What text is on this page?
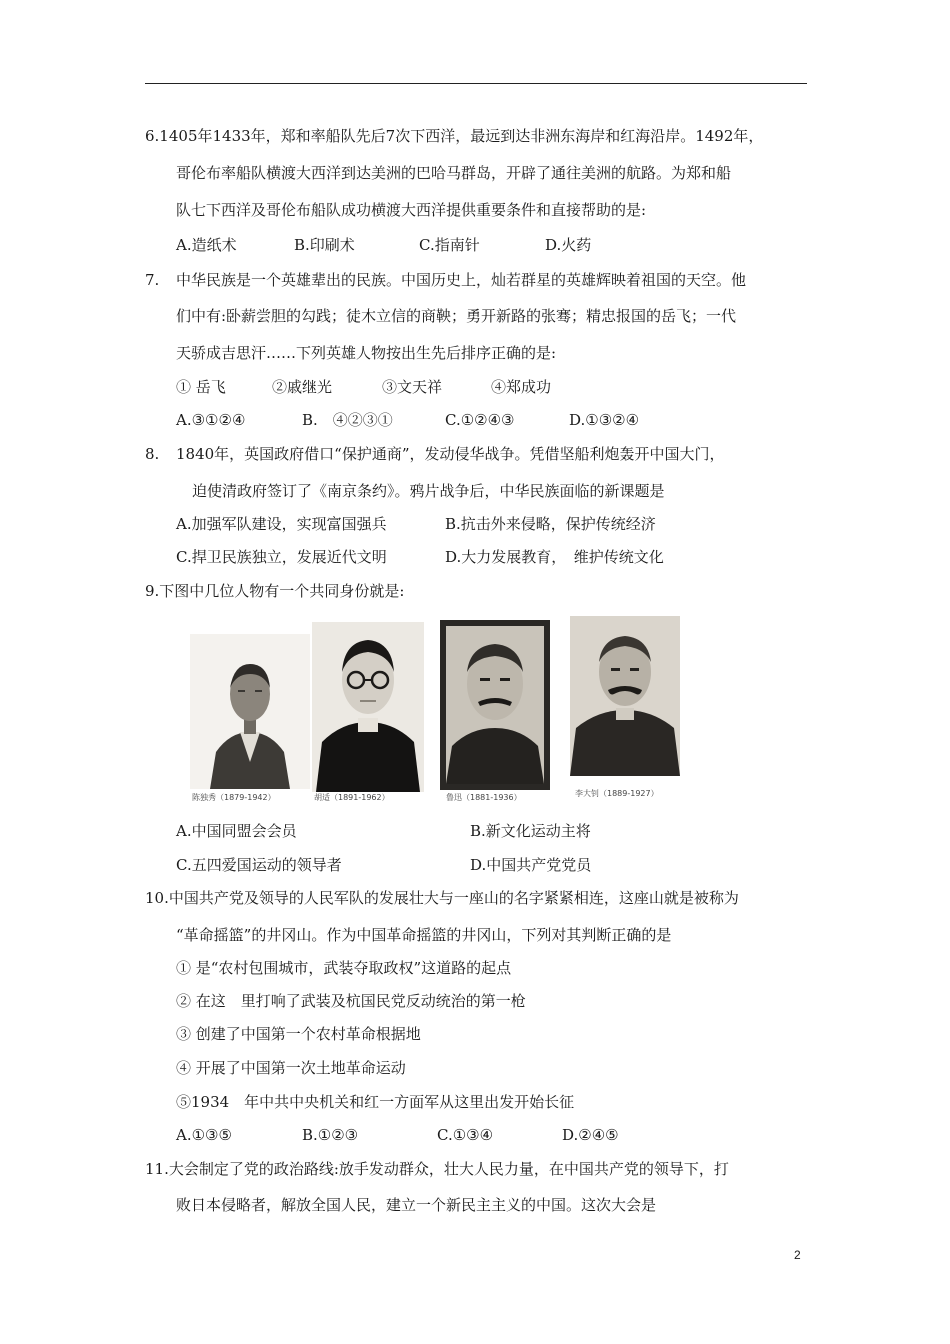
6.1405年1433年，郑和率船队先后7次下西洋，最远到达非洲东海岸和红海沿岸。1492年，
哥伦布率船队横渡大西洋到达美洲的巴哈马群岛，开辟了通往美洲的航路。为郑和船
队七下西洋及哥伦布船队成功横渡大西洋提供重要条件和直接帮助的是:
A.造纸术	B.印刷术	C.指南针	D.火药
7. 中华民族是一个英雄辈出的民族。中国历史上，灿若群星的英雄辉映着祖国的天空。他
们中有:卧薪尝胆的勾践；徒木立信的商鞅；勇开新路的张骞；精忠报国的岳飞；一代
天骄成吉思汗……下列英雄人物按出生先后排序正确的是:
① 岳飞	②戚继光	③文天祥	④郑成功
A.③①②④	B.　④②③①	C.①②④③	D.①③②④
8. 1840年，英国政府借口“保护通商”，发动侵华战争。凭借坚船利炮轰开中国大门，
迫使清政府签订了《南京条约》。鸦片战争后，中华民族面临的新课题是
A.加强军队建设，实现富国强兵	B.抗击外来侵略，保护传统经济
C.捍卫民族独立，发展近代文明	D.大力发展教育，　维护传统文化
9.下图中几位人物有一个共同身份就是:
陈独秀（1879-1942）	胡适（1891-1962）	鲁迅（1881-1936）	李大钊（1889-1927）
A.中国同盟会会员	B.新文化运动主将
C.五四爱国运动的领导者	D.中国共产党党员
10.中国共产党及领导的人民军队的发展壮大与一座山的名字紧紧相连，这座山就是被称为
“革命摇篮”的井冈山。作为中国革命摇篮的井冈山，下列对其判断正确的是
① 是“农村包围城市，武装夺取政权”这道路的起点
② 在这　里打响了武装及杭国民党反动统治的第一枪
③ 创建了中国第一个农村革命根据地
④ 开展了中国第一次土地革命运动
⑤1934　年中共中央机关和红一方面军从这里出发开始长征
A.①③⑤	B.①②③	C.①③④	D.②④⑤
11.大会制定了党的政治路线:放手发动群众，壮大人民力量，在中国共产党的领导下，打
败日本侵略者，解放全国人民，建立一个新民主主义的中国。这次大会是
2
